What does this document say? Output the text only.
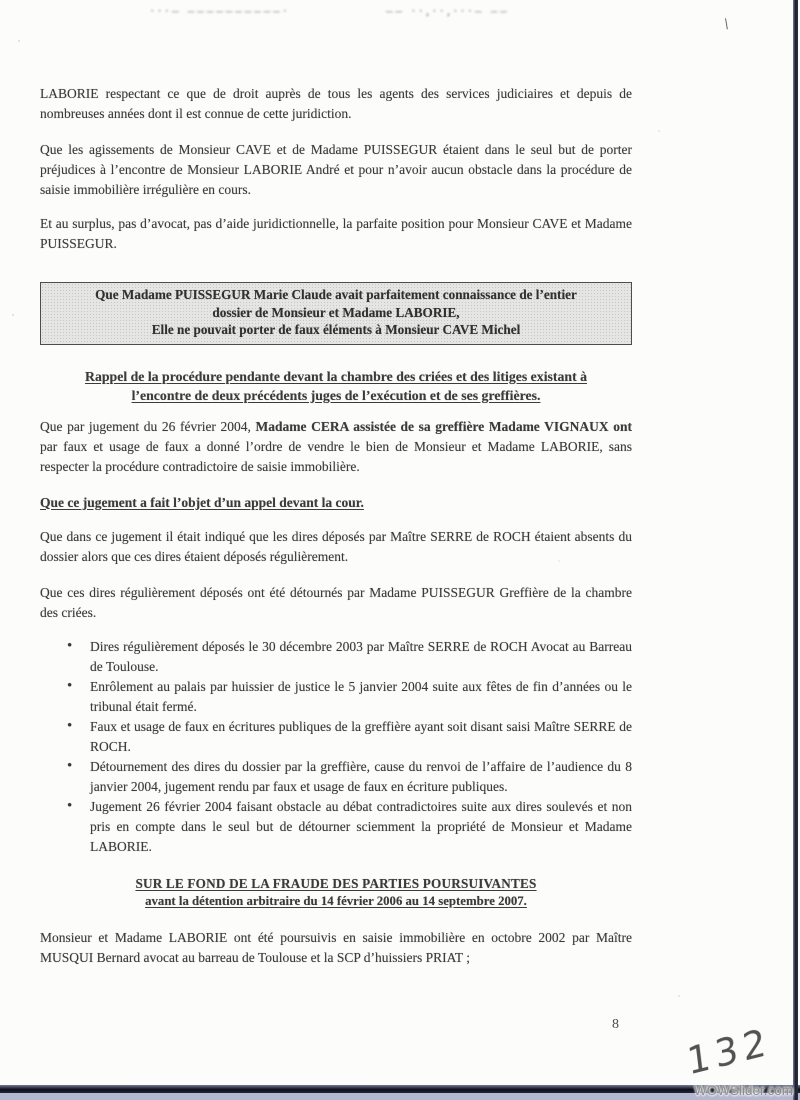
···– ––––––––––·	–– ··,··,···– ––
\

LABORIE respectant ce que de droit auprès de tous les agents des services judiciaires et depuis de nombreuses années dont il est connue de cette juridiction.

Que les agissements de Monsieur CAVE et de Madame PUISSEGUR étaient dans le seul but de porter préjudices à l’encontre de Monsieur LABORIE André et pour n’avoir aucun obstacle dans la procédure de saisie immobilière irrégulière en cours.

Et au surplus, pas d’avocat, pas d’aide juridictionnelle, la parfaite position pour Monsieur CAVE et Madame PUISSEGUR.

Que Madame PUISSEGUR Marie Claude avait parfaitement connaissance de l’entier
dossier de Monsieur et Madame LABORIE,
Elle ne pouvait porter de faux éléments à Monsieur CAVE Michel
Rappel de la procédure pendante devant la chambre des criées et des litiges existant à
l’encontre de deux précédents juges de l’exécution et de ses greffières.

Que par jugement du 26 février 2004, Madame CERA assistée de sa greffière Madame VIGNAUX ont par faux et usage de faux a donné l’ordre de vendre le bien de Monsieur et Madame LABORIE, sans respecter la procédure contradictoire de saisie immobilière.

Que ce jugement a fait l’objet d’un appel devant la cour.

Que dans ce jugement il était indiqué que les dires déposés par Maître SERRE de ROCH étaient absents du dossier alors que ces dires étaient déposés régulièrement.

Que ces dires régulièrement déposés ont été détournés par Madame PUISSEGUR Greffière de la chambre des criées.

• Dires régulièrement déposés le 30 décembre 2003 par Maître SERRE de ROCH Avocat au Barreau de Toulouse.
• Enrôlement au palais par huissier de justice le 5 janvier 2004 suite aux fêtes de fin d’années ou le tribunal était fermé.
• Faux et usage de faux en écritures publiques de la greffière ayant soit disant saisi Maître SERRE de ROCH.
• Détournement des dires du dossier par la greffière, cause du renvoi de l’affaire de l’audience du 8 janvier 2004, jugement rendu par faux et usage de faux en écriture publiques.
• Jugement 26 février 2004 faisant obstacle au débat contradictoires suite aux dires soulevés et non pris en compte dans le seul but de détourner sciemment la propriété de Monsieur et Madame LABORIE.
SUR LE FOND DE LA FRAUDE DES PARTIES POURSUIVANTES
avant la détention arbitraire du 14 février 2006 au 14 septembre 2007.

Monsieur et Madame LABORIE ont été poursuivis en saisie immobilière en octobre 2002 par Maître MUSQUI Bernard avocat au barreau de Toulouse et la SCP d’huissiers PRIAT ;

8 132
WOWSlider.com
